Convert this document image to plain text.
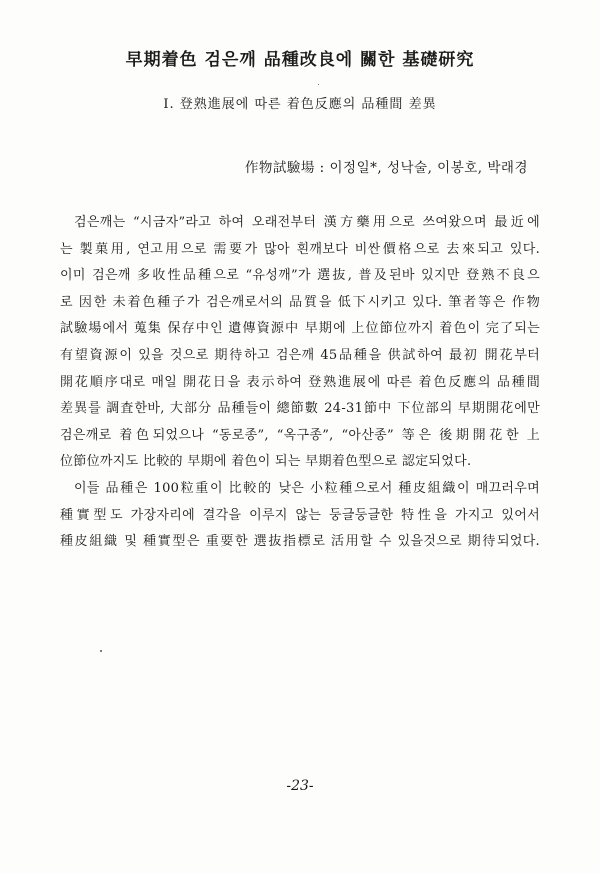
早期着色 검은깨 品種改良에 關한 基礎研究
Ⅰ. 登熟進展에 따른 着色反應의 品種間 差異
作物試驗場 : 이정일*, 성낙술, 이봉호, 박래경
검은깨는 “시금자”라고 하여 오래전부터 漢方藥用으로 쓰여왔으며 最近에
는 製菓用, 연고用으로 需要가 많아 흰깨보다 비싼價格으로 去來되고 있다.
이미 검은깨 多收性品種으로 “유성깨”가 選抜, 普及된바 있지만 登熟不良으
로 因한 未着色種子가 검은깨로서의 品質을 低下시키고 있다. 筆者等은 作物
試驗場에서 蒐集 保存中인 遺傳資源中 早期에 上位節位까지 着色이 完了되는
有望資源이 있을 것으로 期待하고 검은깨 45品種을 供試하여 最初 開花부터
開花順序대로 매일 開花日을 表示하여 登熟進展에 따른 着色反應의 品種間
差異를 調査한바, 大部分 品種들이 總節數 24-31節中 下位部의 早期開花에만
검은깨로 着色되었으나 “동로종”, “옥구종”, “아산종” 等은 後期開花한 上
位節位까지도 比較的 早期에 着色이 되는 早期着色型으로 認定되었다.
이들 品種은 100粒重이 比較的 낮은 小粒種으로서 種皮組織이 매끄러우며
種實型도 가장자리에 결각을 이루지 않는 둥글둥글한 特性을 가지고 있어서
種皮組織 및 種實型은 重要한 選抜指標로 活用할 수 있을것으로 期待되었다.
-23-
